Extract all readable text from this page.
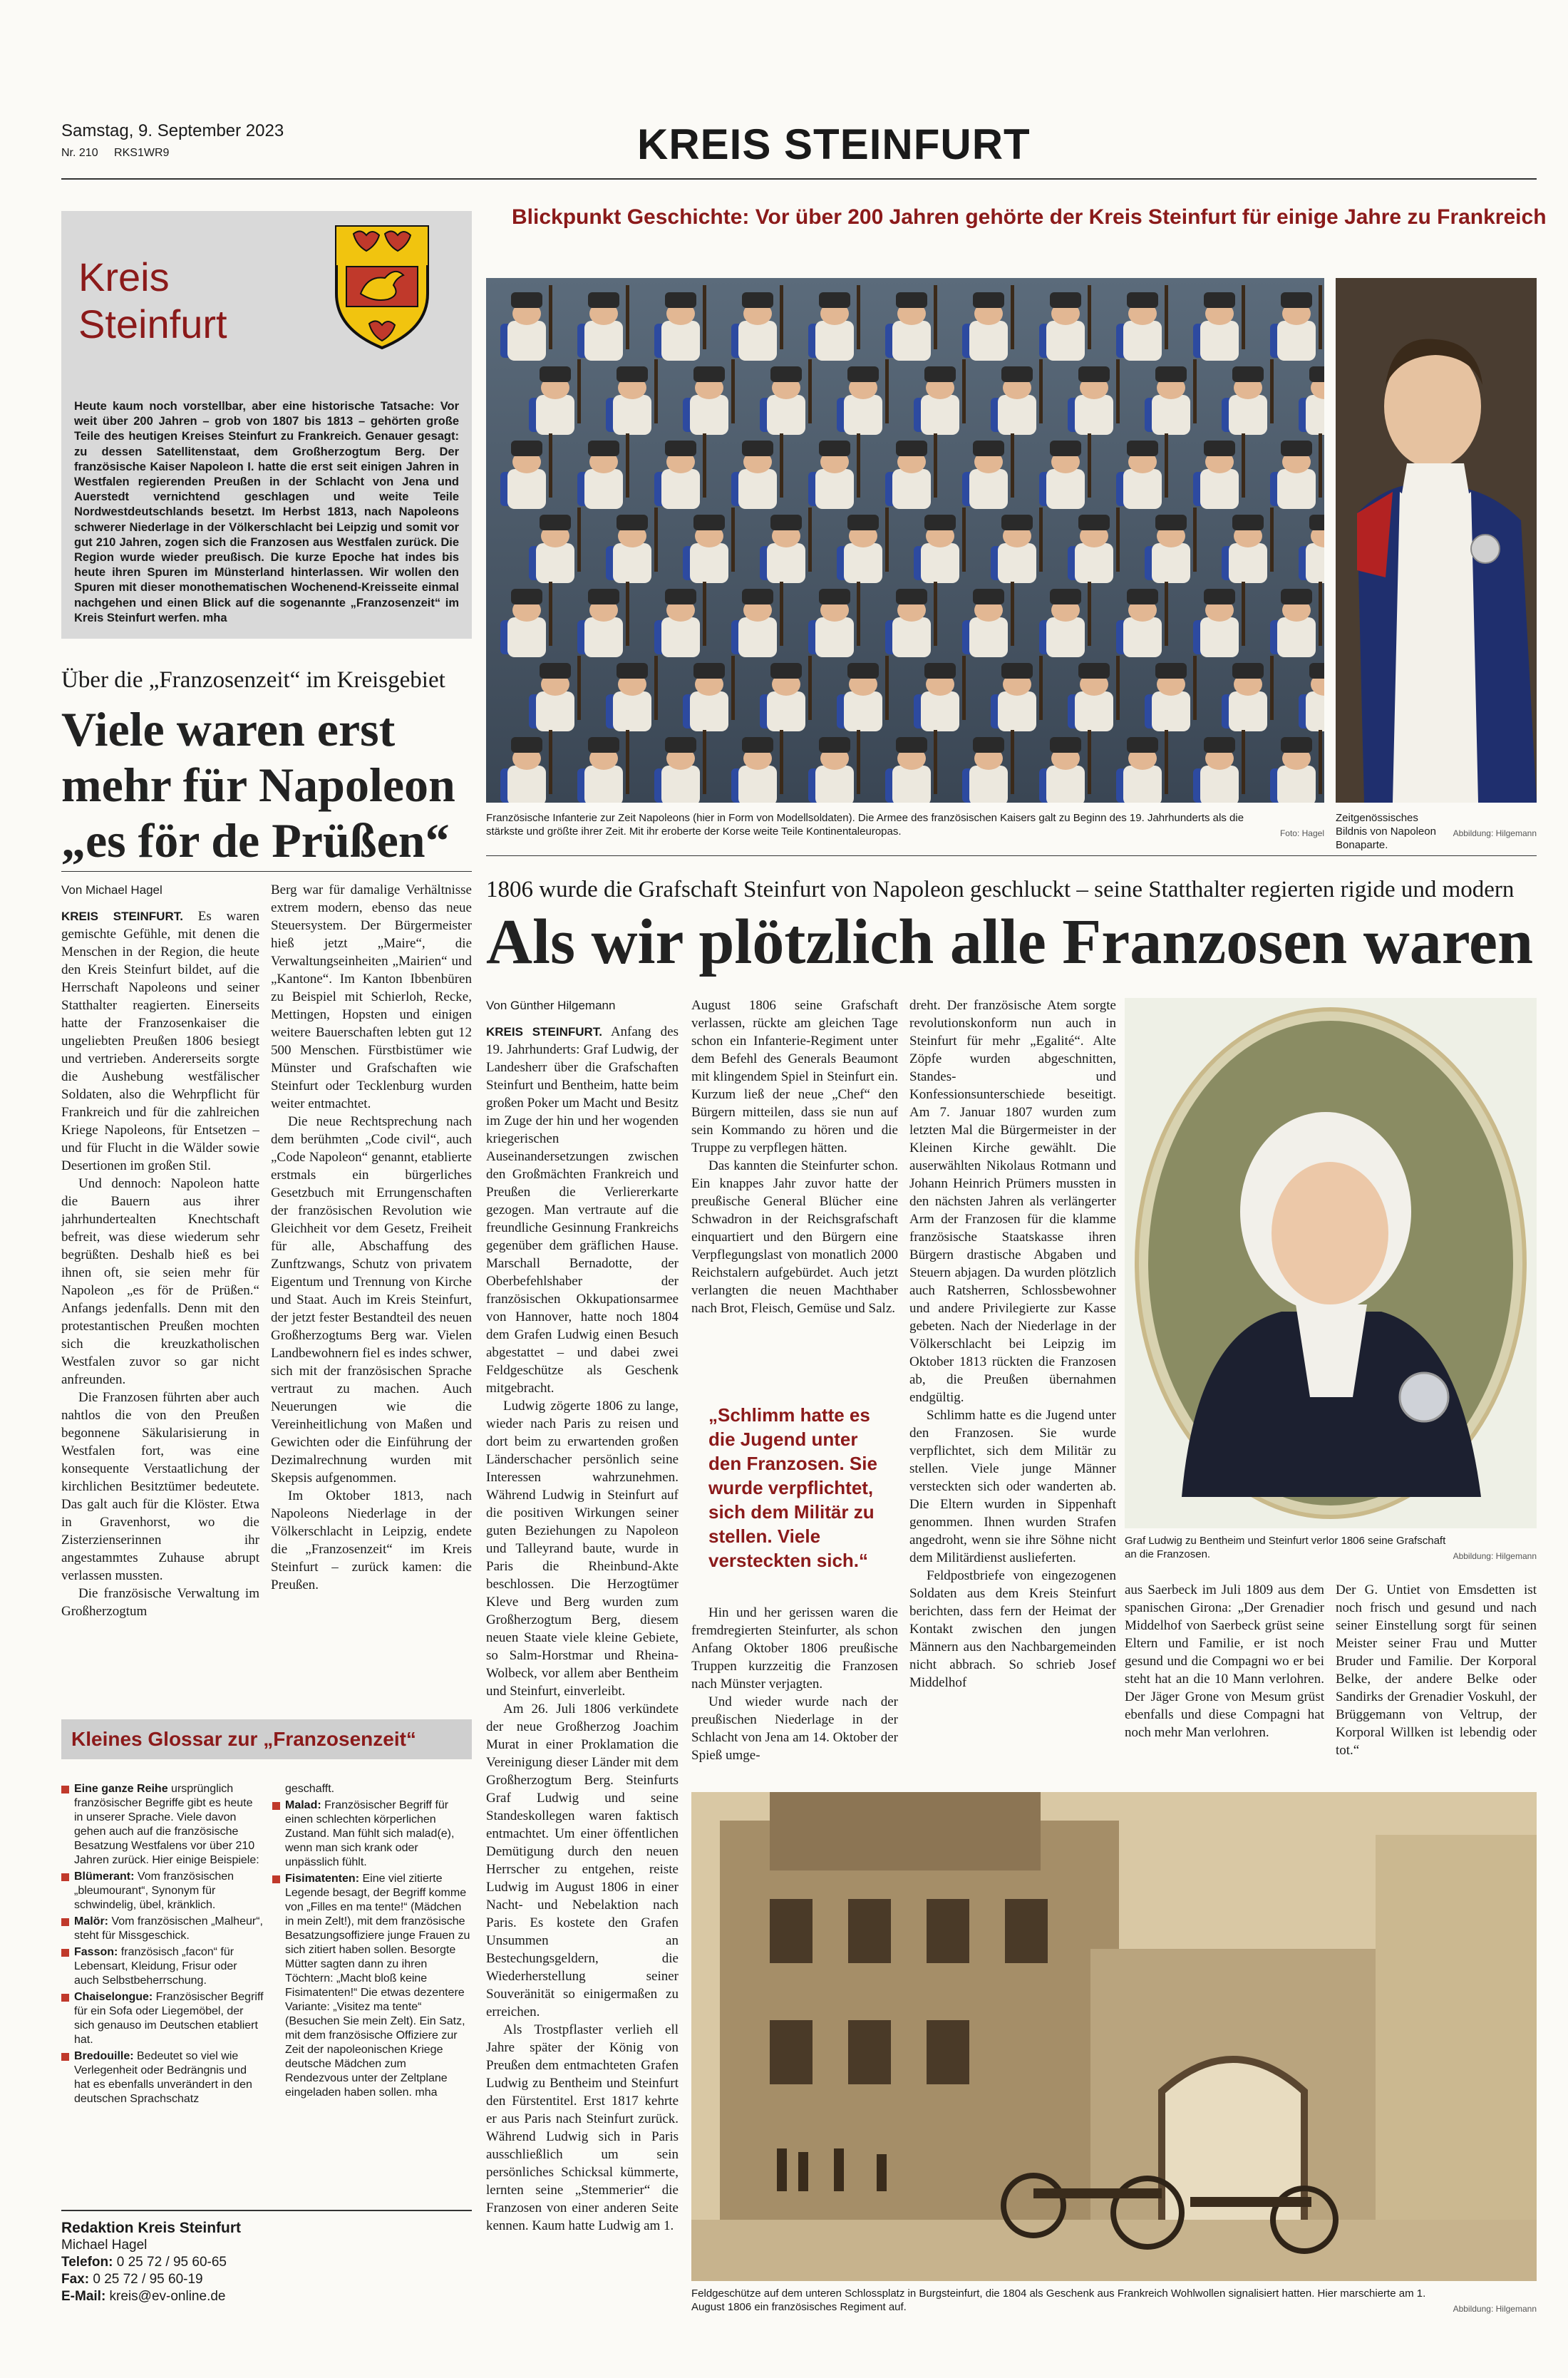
Samstag, 9. September 2023
Nr. 210 RKS1WR9	KREIS STEINFURT
Blickpunkt Geschichte: Vor über 200 Jahren gehörte der Kreis Steinfurt für einige Jahre zu Frankreich
Kreis
Steinfurt
Heute kaum noch vorstellbar, aber eine historische Tatsache: Vor weit über 200 Jahren – grob von 1807 bis 1813 – gehörten große Teile des heutigen Kreises Steinfurt zu Frankreich. Genauer gesagt: zu dessen Satellitenstaat, dem Großherzogtum Berg. Der französische Kaiser Napoleon I. hatte die erst seit einigen Jahren in Westfalen regierenden Preußen in der Schlacht von Jena und Auerstedt vernichtend geschlagen und weite Teile Nordwestdeutschlands besetzt. Im Herbst 1813, nach Napoleons schwerer Niederlage in der Völkerschlacht bei Leipzig und somit vor gut 210 Jahren, zogen sich die Franzosen aus Westfalen zurück. Die Region wurde wieder preußisch. Die kurze Epoche hat indes bis heute ihren Spuren im Münsterland hinterlassen. Wir wollen den Spuren mit dieser monothematischen Wochenend-Kreisseite einmal nachgehen und einen Blick auf die sogenannte „Franzosenzeit“ im Kreis Steinfurt werfen. mha
Über die „Franzosenzeit“ im Kreisgebiet
Viele waren erst
mehr für Napoleon
„es för de Prüßen“
Von Michael Hagel

KREIS STEINFURT. Es waren gemischte Gefühle, mit denen die Menschen in der Region, die heute den Kreis Steinfurt bildet, auf die Herrschaft Napoleons und seiner Statthalter reagierten. Einerseits hatte der Franzosenkaiser die ungeliebten Preußen 1806 besiegt und vertrieben. Andererseits sorgte die Aushebung westfälischer Soldaten, also die Wehrpflicht für Frankreich und für die zahlreichen Kriege Napoleons, für Entsetzen – und für Flucht in die Wälder sowie Desertionen im großen Stil.

Und dennoch: Napoleon hatte die Bauern aus ihrer jahrhundertealten Knechtschaft befreit, was diese wiederum sehr begrüßten. Deshalb hieß es bei ihnen oft, sie seien mehr für Napoleon „es för de Prüßen.“ Anfangs jedenfalls. Denn mit den protestantischen Preußen mochten sich die kreuzkatholischen Westfalen zuvor so gar nicht anfreunden.

Die Franzosen führten aber auch nahtlos die von den Preußen begonnene Säkularisierung in Westfalen fort, was eine konsequente Verstaatlichung der kirchlichen Besitztümer bedeutete. Das galt auch für die Klöster. Etwa in Gravenhorst, wo die Zisterzienserinnen ihr angestammtes Zuhause abrupt verlassen mussten.

Die französische Verwaltung im Großherzogtum

Berg war für damalige Verhältnisse extrem modern, ebenso das neue Steuersystem. Der Bürgermeister hieß jetzt „Maire“, die Verwaltungseinheiten „Mairien“ und „Kantone“. Im Kanton Ibbenbüren zu Beispiel mit Schierloh, Recke, Mettingen, Hopsten und einigen weitere Bauerschaften lebten gut 12 500 Menschen. Fürstbistümer wie Münster und Grafschaften wie Steinfurt oder Tecklenburg wurden weiter entmachtet.

Die neue Rechtsprechung nach dem berühmten „Code civil“, auch „Code Napoleon“ genannt, etablierte erstmals ein bürgerliches Gesetzbuch mit Errungenschaften der französischen Revolution wie Gleichheit vor dem Gesetz, Freiheit für alle, Abschaffung des Zunftzwangs, Schutz von privatem Eigentum und Trennung von Kirche und Staat. Auch im Kreis Steinfurt, der jetzt fester Bestandteil des neuen Großherzogtums Berg war. Vielen Landbewohnern fiel es indes schwer, sich mit der französischen Sprache vertraut zu machen. Auch Neuerungen wie die Vereinheitlichung von Maßen und Gewichten oder die Einführung der Dezimalrechnung wurden mit Skepsis aufgenommen.

Im Oktober 1813, nach Napoleons Niederlage in der Völkerschlacht in Leipzig, endete die „Franzosenzeit“ im Kreis Steinfurt – zurück kamen: die Preußen.

Kleines Glossar zur „Franzosenzeit“

Eine ganze Reihe ursprünglich französischer Begriffe gibt es heute in unserer Sprache. Viele davon gehen auch auf die französische Besatzung Westfalens vor über 210 Jahren zurück. Hier einige Beispiele:

Blümerant: Vom französischen „bleumourant“, Synonym für schwindelig, übel, kränklich.

Malör: Vom französischen „Malheur“, steht für Missgeschick.

Fasson: französisch „facon“ für Lebensart, Kleidung, Frisur oder auch Selbstbeherrschung.

Chaiselongue: Französischer Begriff für ein Sofa oder Liegemöbel, der sich genauso im Deutschen etabliert hat.

Bredouille: Bedeutet so viel wie Verlegenheit oder Bedrängnis und hat es ebenfalls unverändert in den deutschen Sprachschatz

geschafft.

Malad: Französischer Begriff für einen schlechten körperlichen Zustand. Man fühlt sich malad(e), wenn man sich krank oder unpässlich fühlt.

Fisimatenten: Eine viel zitierte Legende besagt, der Begriff komme von „Filles en ma tente!“ (Mädchen in mein Zelt!), mit dem französische Besatzungsoffiziere junge Frauen zu sich zitiert haben sollen. Besorgte Mütter sagten dann zu ihren Töchtern: „Macht bloß keine Fisimatenten!“ Die etwas dezentere Variante: „Visitez ma tente“ (Besuchen Sie mein Zelt). Ein Satz, mit dem französische Offiziere zur Zeit der napoleonischen Kriege deutsche Mädchen zum Rendezvous unter der Zeltplane eingeladen haben sollen. mha

Redaktion Kreis Steinfurt
Michael Hagel
Telefon: 0 25 72 / 95 60-65
Fax: 0 25 72 / 95 60-19
E-Mail: kreis@ev-online.de
Foto: Hagel
Französische Infanterie zur Zeit Napoleons (hier in Form von Modellsoldaten). Die Armee des französischen Kaisers galt zu Beginn des 19. Jahrhunderts als die stärkste und größte ihrer Zeit. Mit ihr eroberte der Korse weite Teile Kontinentaleuropas.	Abbildung: Hilgemann
Zeitgenössisches Bildnis von Napoleon Bonaparte.
1806 wurde die Grafschaft Steinfurt von Napoleon geschluckt – seine Statthalter regierten rigide und modern
Als wir plötzlich alle Franzosen waren
Von Günther Hilgemann

KREIS STEINFURT. Anfang des 19. Jahrhunderts: Graf Ludwig, der Landesherr über die Grafschaften Steinfurt und Bentheim, hatte beim großen Poker um Macht und Besitz im Zuge der hin und her wogenden kriegerischen Auseinandersetzungen zwischen den Großmächten Frankreich und Preußen die Verliererkarte gezogen. Man vertraute auf die freundliche Gesinnung Frankreichs gegenüber dem gräflichen Hause. Marschall Bernadotte, der Oberbefehlshaber der französischen Okkupationsarmee von Hannover, hatte noch 1804 dem Grafen Ludwig einen Besuch abgestattet – und dabei zwei Feldgeschütze als Geschenk mitgebracht.

Ludwig zögerte 1806 zu lange, wieder nach Paris zu reisen und dort beim zu erwartenden großen Länderschacher persönlich seine Interessen wahrzunehmen. Während Ludwig in Steinfurt auf die positiven Wirkungen seiner guten Beziehungen zu Napoleon und Talleyrand baute, wurde in Paris die Rheinbund-Akte beschlossen. Die Herzogtümer Kleve und Berg wurden zum Großherzogtum Berg, diesem neuen Staate viele kleine Gebiete, so Salm-Horstmar und Rheina-Wolbeck, vor allem aber Bentheim und Steinfurt, einverleibt.

Am 26. Juli 1806 verkündete der neue Großherzog Joachim Murat in einer Proklamation die Vereinigung dieser Länder mit dem Großherzogtum Berg. Steinfurts Graf Ludwig und seine Standeskollegen waren faktisch entmachtet. Um einer öffentlichen Demütigung durch den neuen Herrscher zu entgehen, reiste Ludwig im August 1806 in einer Nacht- und Nebelaktion nach Paris. Es kostete den Grafen Unsummen an Bestechungsgeldern, die Wiederherstellung seiner Souveränität so einigermaßen zu erreichen.

Als Trostpflaster verlieh ell Jahre später der König von Preußen dem entmachteten Grafen Ludwig zu Bentheim und Steinfurt den Fürstentitel. Erst 1817 kehrte er aus Paris nach Steinfurt zurück. Während Ludwig sich in Paris ausschließlich um sein persönliches Schicksal kümmerte, lernten seine „Stemmerier“ die Franzosen von einer anderen Seite kennen. Kaum hatte Ludwig am 1.

August 1806 seine Grafschaft verlassen, rückte am gleichen Tage schon ein Infanterie-Regiment unter dem Befehl des Generals Beaumont mit klingendem Spiel in Steinfurt ein. Kurzum ließ der neue „Chef“ den Bürgern mitteilen, dass sie nun auf sein Kommando zu hören und die Truppe zu verpflegen hätten.

Das kannten die Steinfurter schon. Ein knappes Jahr zuvor hatte der preußische General Blücher eine Schwadron in der Reichsgrafschaft einquartiert und den Bürgern eine Verpflegungslast von monatlich 2000 Reichstalern aufgebürdet. Auch jetzt verlangten die neuen Machthaber nach Brot, Fleisch, Gemüse und Salz.

„Schlimm hatte es die Jugend unter den Franzosen. Sie wurde verpflichtet, sich dem Militär zu stellen. Viele versteckten sich.“

Hin und her gerissen waren die fremdregierten Steinfurter, als schon Anfang Oktober 1806 preußische Truppen kurzzeitig die Franzosen nach Münster verjagten.

Und wieder wurde nach der preußischen Niederlage in der Schlacht von Jena am 14. Oktober der Spieß umge-

dreht. Der französische Atem sorgte revolutionskonform nun auch in Steinfurt für mehr „Egalité“. Alte Zöpfe wurden abgeschnitten, Standes- und Konfessionsunterschiede beseitigt. Am 7. Januar 1807 wurden zum letzten Mal die Bürgermeister in der Kleinen Kirche gewählt. Die auserwählten Nikolaus Rotmann und Johann Heinrich Prümers mussten in den nächsten Jahren als verlängerter Arm der Franzosen für die klamme französische Staatskasse ihren Bürgern drastische Abgaben und Steuern abjagen. Da wurden plötzlich auch Ratsherren, Schlossbewohner und andere Privilegierte zur Kasse gebeten. Nach der Niederlage in der Völkerschlacht bei Leipzig im Oktober 1813 rückten die Franzosen ab, die Preußen übernahmen endgültig.

Schlimm hatte es die Jugend unter den Franzosen. Sie wurde verpflichtet, sich dem Militär zu stellen. Viele junge Männer versteckten sich oder wanderten ab. Die Eltern wurden in Sippenhaft genommen. Ihnen wurden Strafen angedroht, wenn sie ihre Söhne nicht dem Militärdienst auslieferten.

Feldpostbriefe von eingezogenen Soldaten aus dem Kreis Steinfurt berichten, dass fern der Heimat der Kontakt zwischen den jungen Männern aus den Nachbargemeinden nicht abbrach. So schrieb Josef Middelhof

Abbildung: Hilgemann
Graf Ludwig zu Bentheim und Steinfurt verlor 1806 seine Grafschaft an die Franzosen.

aus Saerbeck im Juli 1809 aus dem spanischen Girona: „Der Grenadier Middelhof von Saerbeck grüst seine Eltern und Familie, er ist noch gesund und die Compagni wo er bei steht hat an die 10 Mann verlohren. Der Jäger Grone von Mesum grüst ebenfalls und diese Compagni hat noch mehr Man verlohren.

Der G. Untiet von Emsdetten ist noch frisch und gesund und nach seiner Einstellung sorgt für seinen Meister seiner Frau und Mutter Bruder und Familie. Der Korporal Belke, der andere Belke oder Sandirks der Grenadier Voskuhl, der Brüggemann von Veltrup, der Korporal Willken ist lebendig oder tot.“

Abbildung: Hilgemann
Feldgeschütze auf dem unteren Schlossplatz in Burgsteinfurt, die 1804 als Geschenk aus Frankreich Wohlwollen signalisiert hatten. Hier marschierte am 1. August 1806 ein französisches Regiment auf.
